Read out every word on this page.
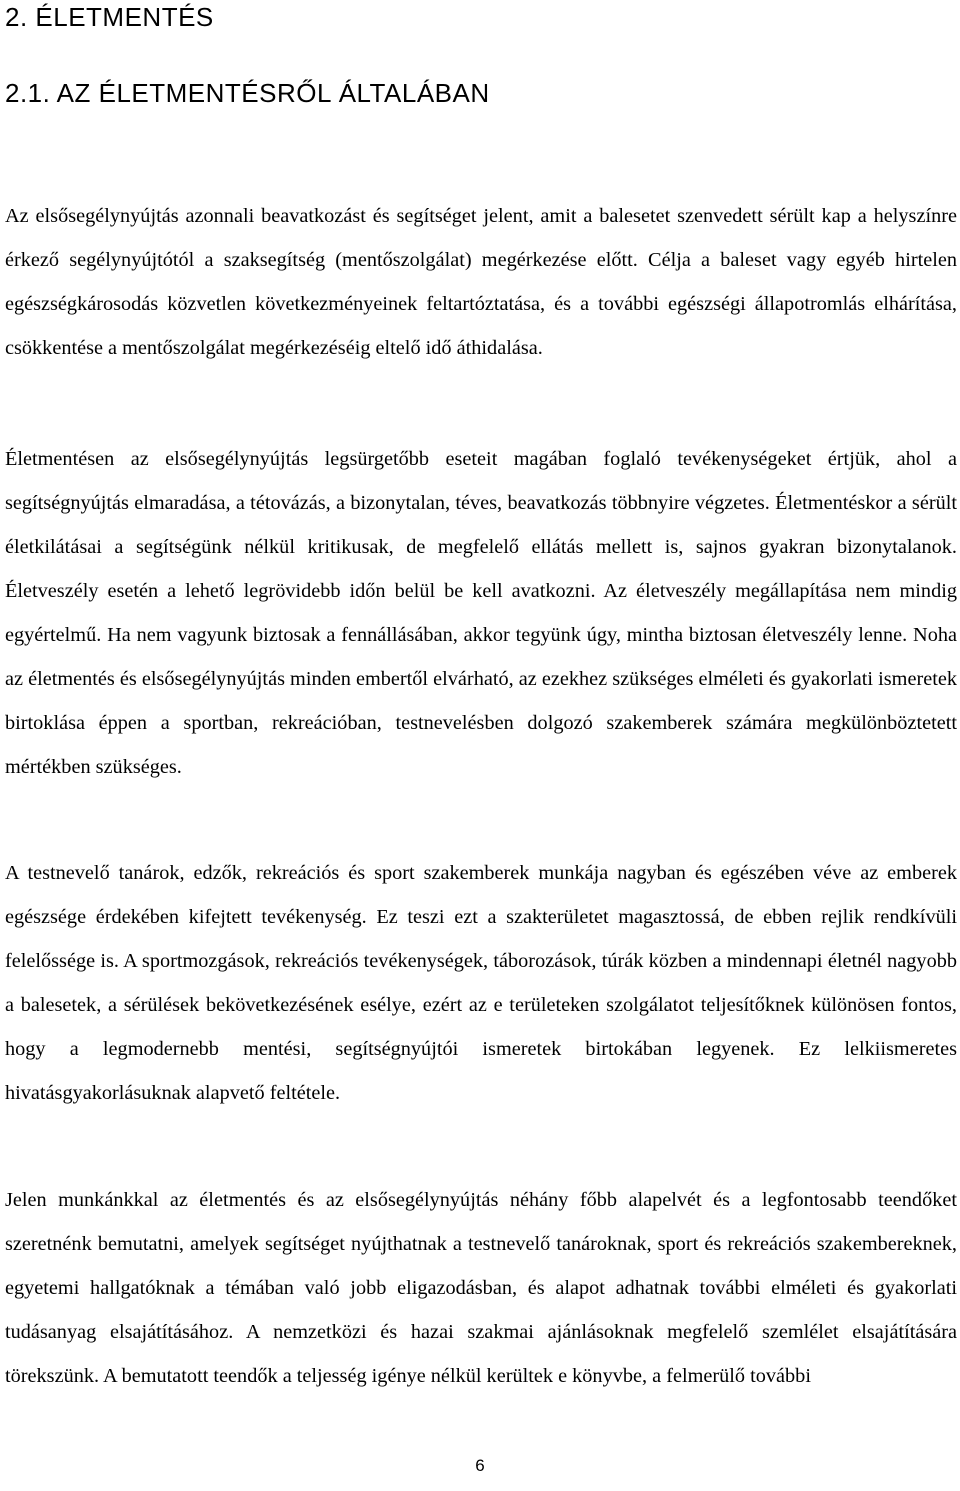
2. ÉLETMENTÉS
2.1. AZ ÉLETMENTÉSRŐL ÁLTALÁBAN

Az elsősegélynyújtás azonnali beavatkozást és segítséget jelent, amit a balesetet szenvedett sérült kap a helyszínre érkező segélynyújtótól a szaksegítség (mentőszolgálat) megérkezése előtt. Célja a baleset vagy egyéb hirtelen egészségkárosodás közvetlen következményeinek feltartóztatása, és a további egészségi állapotromlás elhárítása, csökkentése a mentőszolgálat megérkezéséig eltelő idő áthidalása.

Életmentésen az elsősegélynyújtás legsürgetőbb eseteit magában foglaló tevékenységeket értjük, ahol a segítségnyújtás elmaradása, a tétovázás, a bizonytalan, téves, beavatkozás többnyire végzetes. Életmentéskor a sérült életkilátásai a segítségünk nélkül kritikusak, de megfelelő ellátás mellett is, sajnos gyakran bizonytalanok. Életveszély esetén a lehető legrövidebb időn belül be kell avatkozni. Az életveszély megállapítása nem mindig egyértelmű. Ha nem vagyunk biztosak a fennállásában, akkor tegyünk úgy, mintha biztosan életveszély lenne. Noha az életmentés és elsősegélynyújtás minden embertől elvárható, az ezekhez szükséges elméleti és gyakorlati ismeretek birtoklása éppen a sportban, rekreációban, testnevelésben dolgozó szakemberek számára megkülönböztetett mértékben szükséges.

A testnevelő tanárok, edzők, rekreációs és sport szakemberek munkája nagyban és egészében véve az emberek egészsége érdekében kifejtett tevékenység. Ez teszi ezt a szakterületet magasztossá, de ebben rejlik rendkívüli felelőssége is. A sportmozgások, rekreációs tevékenységek, táborozások, túrák közben a mindennapi életnél nagyobb a balesetek, a sérülések bekövetkezésének esélye, ezért az e területeken szolgálatot teljesítőknek különösen fontos, hogy a legmodernebb mentési, segítségnyújtói ismeretek birtokában legyenek. Ez lelkiismeretes hivatásgyakorlásuknak alapvető feltétele.

Jelen munkánkkal az életmentés és az elsősegélynyújtás néhány főbb alapelvét és a legfontosabb teendőket szeretnénk bemutatni, amelyek segítséget nyújthatnak a testnevelő tanároknak, sport és rekreációs szakembereknek, egyetemi hallgatóknak a témában való jobb eligazodásban, és alapot adhatnak további elméleti és gyakorlati tudásanyag elsajátításához. A nemzetközi és hazai szakmai ajánlásoknak megfelelő szemlélet elsajátítására törekszünk. A bemutatott teendők a teljesség igénye nélkül kerültek e könyvbe, a felmerülő további

6
